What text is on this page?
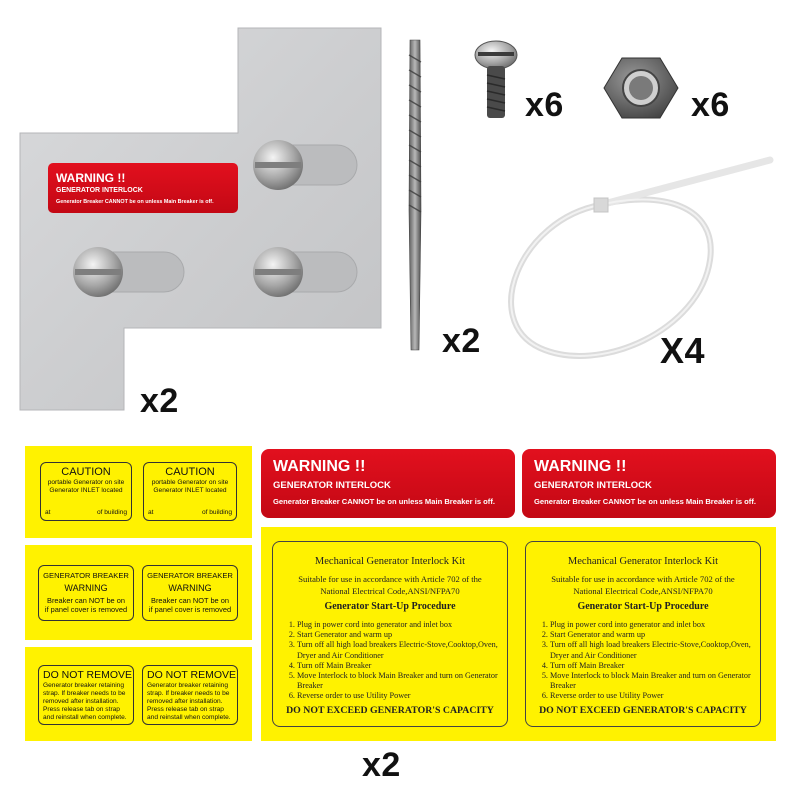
WARNING !!
GENERATOR INTERLOCK
Generator Breaker CANNOT be on unless Main Breaker is off.
x2
x2
x6	x6
X4
x2
CAUTION
portable Generator on site
Generator INLET located
at	of building
CAUTION
portable Generator on site
Generator INLET located
at	of building
GENERATOR BREAKER
WARNING
Breaker can NOT be on
if panel cover is removed
GENERATOR BREAKER
WARNING
Breaker can NOT be on
if panel cover is removed
DO NOT REMOVE
Generator breaker retaining
strap. If breaker needs to be
removed after installation.
Press release tab on strap
and reinstall when complete.
DO NOT REMOVE
Generator breaker retaining
strap. If breaker needs to be
removed after installation.
Press release tab on strap
and reinstall when complete.
WARNING !!
GENERATOR INTERLOCK
Generator Breaker CANNOT be on unless Main Breaker is off.
WARNING !!
GENERATOR INTERLOCK
Generator Breaker CANNOT be on unless Main Breaker is off.
Mechanical Generator Interlock Kit
Suitable for use in accordance with Article 702 of the
National Electrical Code,ANSI/NFPA70
Generator Start-Up Procedure
1. Plug in power cord into generator and inlet box
2. Start Generator and warm up
3. Turn off all high load breakers Electric-Stove,Cooktop,Oven,
Dryer and Air Conditioner
4. Turn off Main Breaker
5. Move Interlock to block Main Breaker and turn on Generator Breaker
6. Reverse order to use Utility Power
DO NOT EXCEED GENERATOR'S CAPACITY
Mechanical Generator Interlock Kit
Suitable for use in accordance with Article 702 of the
National Electrical Code,ANSI/NFPA70
Generator Start-Up Procedure
1. Plug in power cord into generator and inlet box
2. Start Generator and warm up
3. Turn off all high load breakers Electric-Stove,Cooktop,Oven,
Dryer and Air Conditioner
4. Turn off Main Breaker
5. Move Interlock to block Main Breaker and turn on Generator Breaker
6. Reverse order to use Utility Power
DO NOT EXCEED GENERATOR'S CAPACITY
